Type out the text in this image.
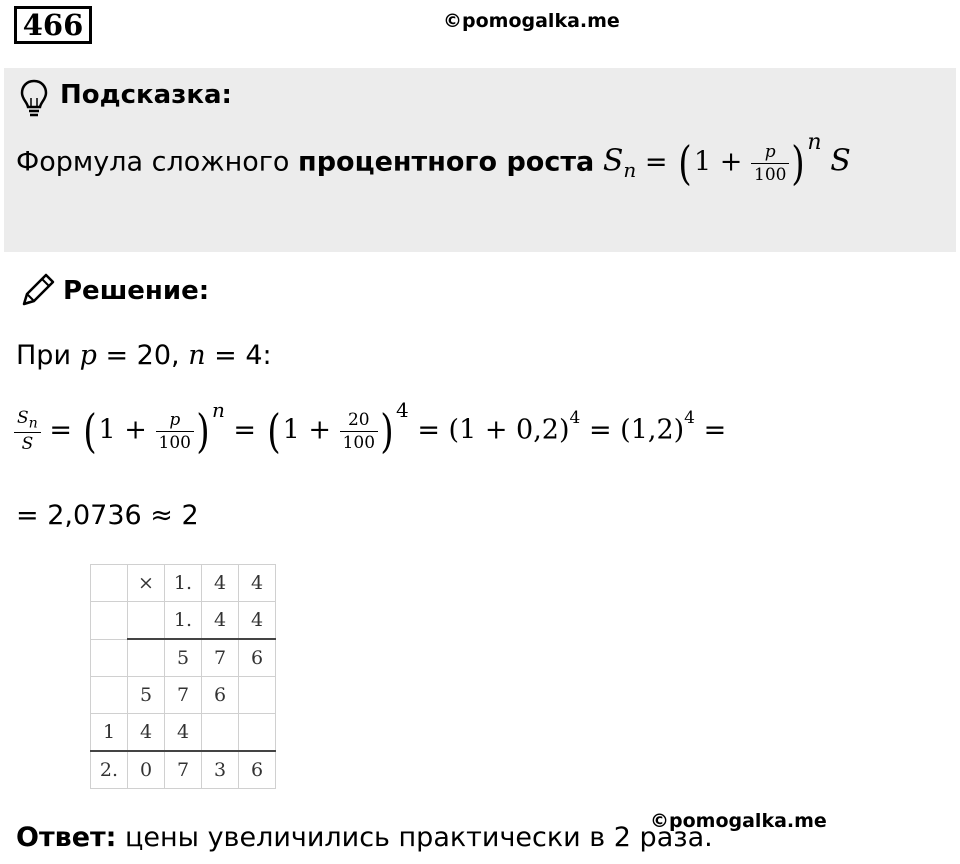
466	©pomogalka.me
Подсказка:
Формула сложного процентного роста $S_n = (1 + \frac{p}{100}$ ) $^n$ S
Решение:
При p = 20, n = 4:
$\frac{S_n}{S} = (1 + \frac{p}{100}$ ) $^n = (1 + \frac{20}{100}$ ) $^4 = (1 + 0,2)^4 = (1,2)^4$ =
= 2,0736 ≈ 2
	×	1.	4	4
		1.	4	4
		5	7	6
	5	7	6	
1	4	4		
2.	0	7	3	6
©pomogalka.me
Ответ: цены увеличились практически в 2 раза.
